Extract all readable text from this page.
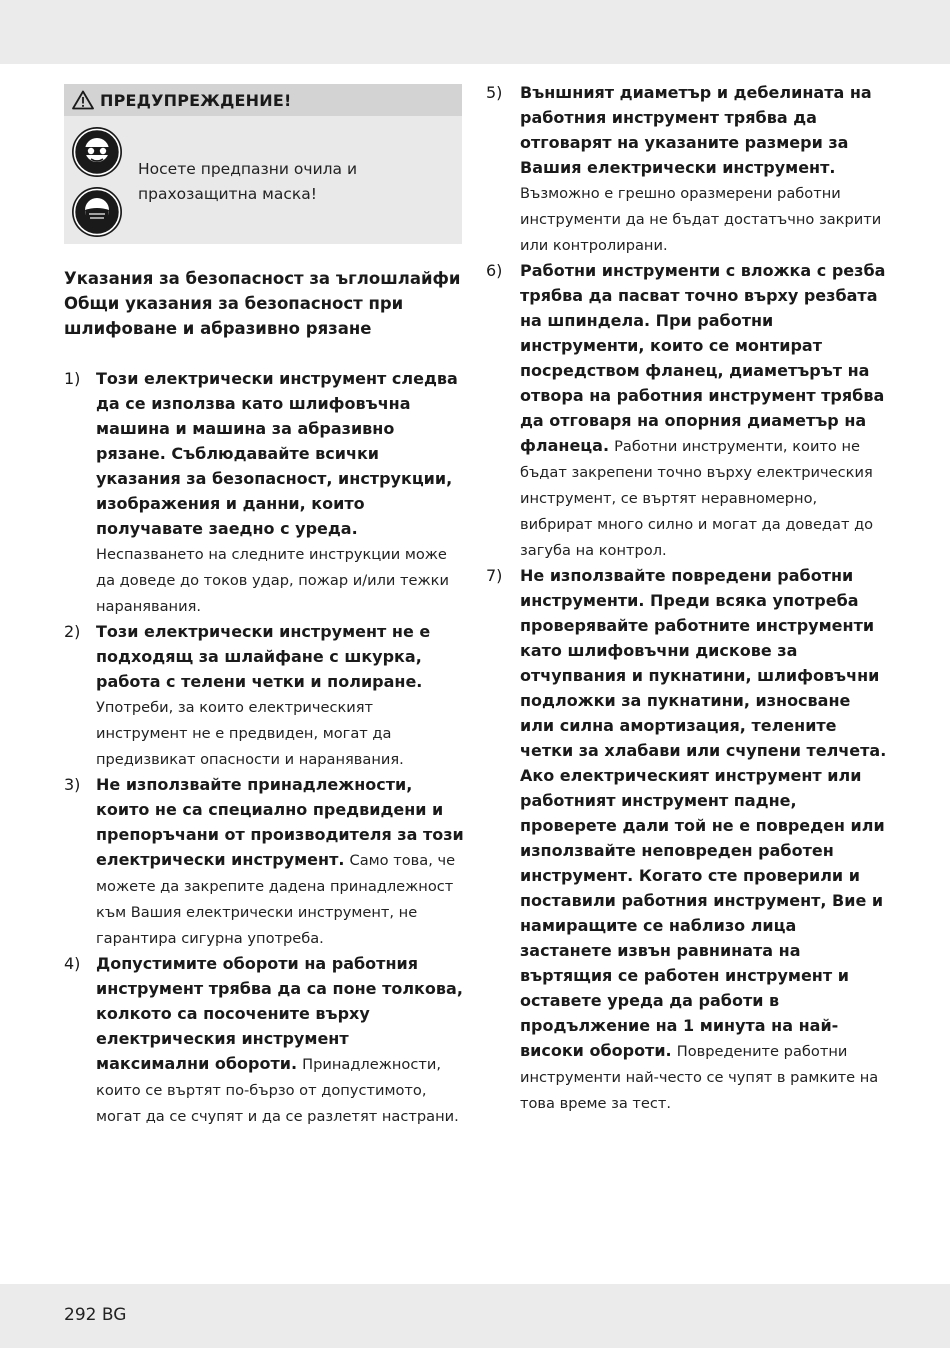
ПРЕДУПРЕЖДЕНИЕ!

Носете предпазни очила и прахозащитна маска!
Указания за безопасност за ъглошлайфи
Общи указания за безопасност при шлифоване и абразивно рязане
1) Този електрически инструмент следва да се използва като шлифовъчна машина и машина за абразивно рязане. Съблюдавайте всички указания за безопасност, инструкции, изображения и данни, които получавате заедно с уреда. Неспазването на следните инструкции може да доведе до токов удар, пожар и/или тежки наранявания.
2) Този електрически инструмент не е подходящ за шлайфане с шкурка, работа с телени четки и полиране. Употреби, за които електрическият инструмент не е предвиден, могат да предизвикат опасности и наранявания.
3) Не използвайте принадлежности, които не са специално предвидени и препоръчани от производителя за този електрически инструмент. Само това, че можете да закрепите дадена принадлежност към Вашия електрически инструмент, не гарантира сигурна употреба.
4) Допустимите обороти на работния инструмент трябва да са поне толкова, колкото са посочените върху електрическия инструмент максимални обороти. Принадлежности, които се въртят по-бързо от допустимото, могат да се счупят и да се разлетят настрани.
5) Външният диаметър и дебелината на работния инструмент трябва да отговарят на указаните размери за Вашия електрически инструмент. Възможно е грешно оразмерени работни инструменти да не бъдат достатъчно закрити или контролирани.
6) Работни инструменти с вложка с резба трябва да пасват точно върху резбата на шпиндела. При работни инструменти, които се монтират посредством фланец, диаметърът на отвора на работния инструмент трябва да отговаря на опорния диаметър на фланеца. Работни инструменти, които не бъдат закрепени точно върху електрическия инструмент, се въртят неравномерно, вибрират много силно и могат да доведат до загуба на контрол.
7) Не използвайте повредени работни инструменти. Преди всяка употреба проверявайте работните инструменти като шлифовъчни дискове за отчупвания и пукнатини, шлифовъчни подложки за пукнатини, износване или силна амортизация, телените четки за хлабави или счупени телчета. Ако електрическият инструмент или работният инструмент падне, проверете дали той не е повреден или използвайте неповреден работен инструмент. Когато сте проверили и поставили работния инструмент, Вие и намиращите се наблизо лица застанете извън равнината на въртящия се работен инструмент и оставете уреда да работи в продължение на 1 минута на най-високи обороти. Повредените работни инструменти най-често се чупят в рамките на това време за тест.
292 BG
